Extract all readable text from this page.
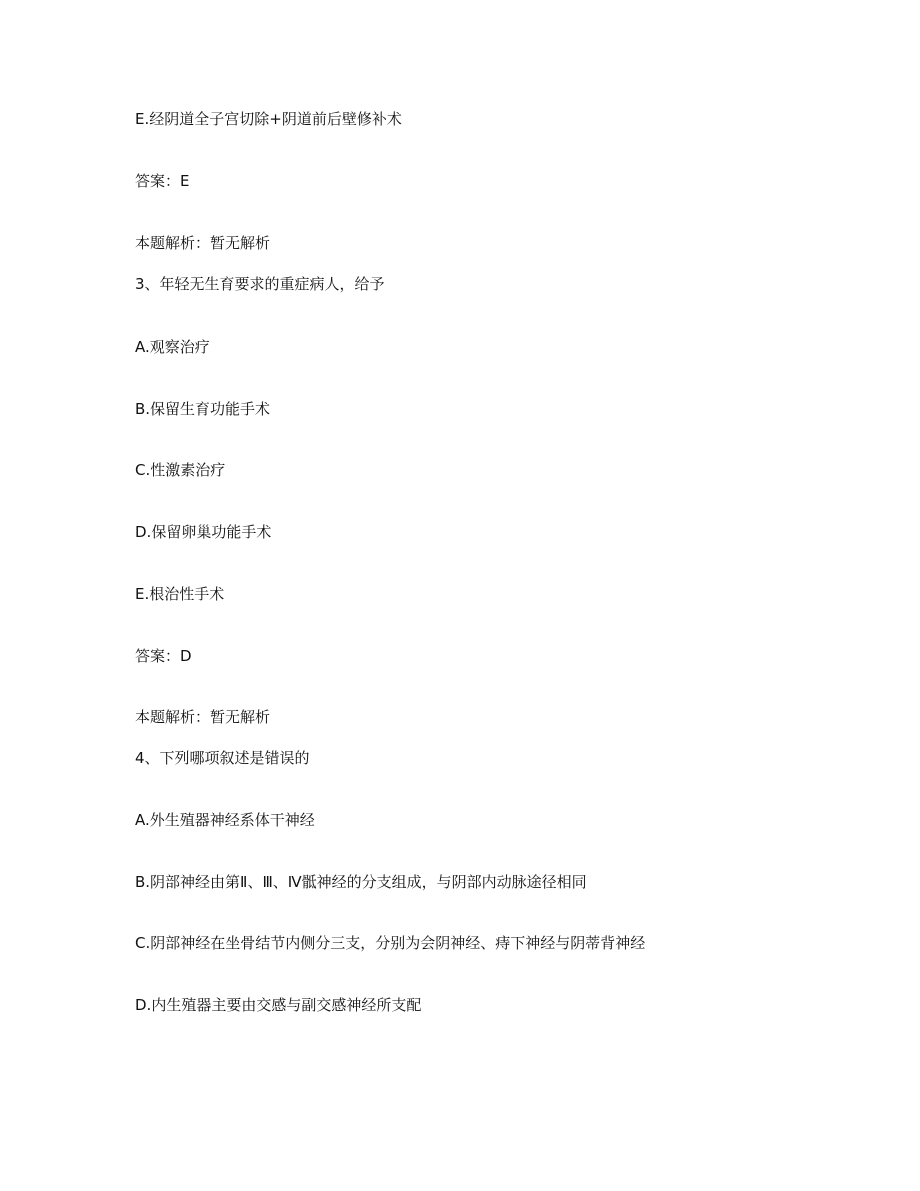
E.经阴道全子宫切除+阴道前后壁修补术
答案：E
本题解析：暂无解析
3、年轻无生育要求的重症病人，给予
A.观察治疗
B.保留生育功能手术
C.性激素治疗
D.保留卵巢功能手术
E.根治性手术
答案：D
本题解析：暂无解析
4、下列哪项叙述是错误的
A.外生殖器神经系体干神经
B.阴部神经由第Ⅱ、Ⅲ、Ⅳ骶神经的分支组成，与阴部内动脉途径相同
C.阴部神经在坐骨结节内侧分三支，分别为会阴神经、痔下神经与阴蒂背神经
D.内生殖器主要由交感与副交感神经所支配
